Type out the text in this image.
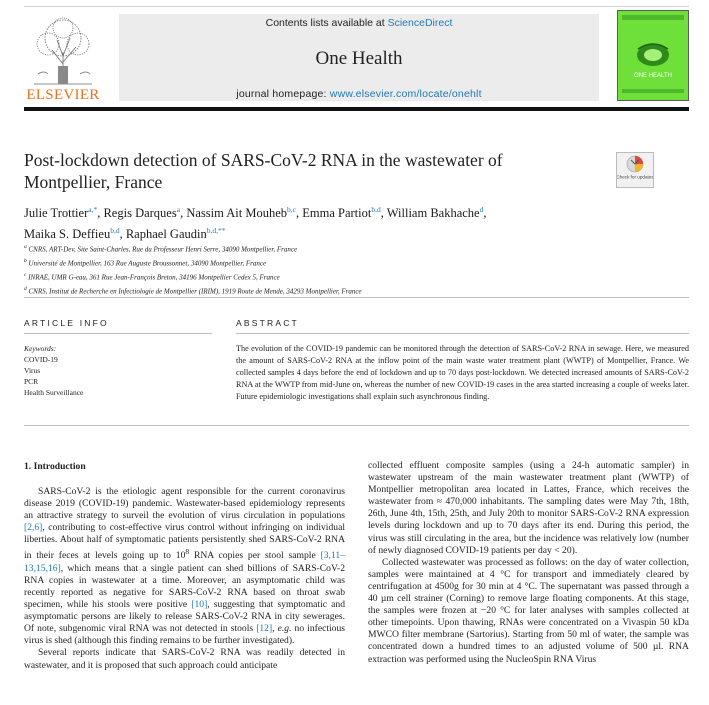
ELSEVIER
Contents lists available at ScienceDirect
One Health
journal homepage: www.elsevier.com/locate/onehlt
ONE HEALTH
Post-lockdown detection of SARS-CoV-2 RNA in the wastewater of Montpellier, France	Check for updates
Julie Trottier$^{a,*}$, Regis Darques$^a$, Nassim Ait Mouheb$^{b,c}$, Emma Partiot$^{b,d}$, William Bakhache$^d$,
Maika S. Deffieu$^{b,d}$, Raphael Gaudin$^{b,d,**}$
$^a$ CNRS, ART-Dev, Site Saint-Charles, Rue du Professeur Henri Serre, 34090 Montpellier, France
$^b$ Université de Montpellier, 163 Rue Auguste Broussonnet, 34090 Montpellier, France
$^c$ INRAE, UMR G-eau, 361 Rue Jean-François Breton, 34196 Montpellier Cedex 5, France
$^d$ CNRS, Institut de Recherche en Infectiologie de Montpellier (IRIM), 1919 Route de Mende, 34293 Montpellier, France
ARTICLE INFO	ABSTRACT
Keywords:
COVID-19
Virus
PCR
Health Surveillance
The evolution of the COVID-19 pandemic can be monitored through the detection of SARS-CoV-2 RNA in sewage. Here, we measured the amount of SARS-CoV-2 RNA at the inflow point of the main waste water treatment plant (WWTP) of Montpellier, France. We collected samples 4 days before the end of lockdown and up to 70 days post-lockdown. We detected increased amounts of SARS-CoV-2 RNA at the WWTP from mid-June on, whereas the number of new COVID-19 cases in the area started increasing a couple of weeks later. Future epidemiologic investigations shall explain such asynchronous finding.
1. Introduction

SARS-CoV-2 is the etiologic agent responsible for the current coronavirus disease 2019 (COVID-19) pandemic. Wastewater-based epidemiology represents an attractive strategy to surveil the evolution of virus circulation in populations [2,6], contributing to cost-effective virus control without infringing on individual liberties. About half of symptomatic patients persistently shed SARS-CoV-2 RNA in their feces at levels going up to $10^8$ RNA copies per stool sample [3,11–13,15,16], which means that a single patient can shed billions of SARS-CoV-2 RNA copies in wastewater at a time. Moreover, an asymptomatic child was recently reported as negative for SARS-CoV-2 RNA based on throat swab specimen, while his stools were positive [10], suggesting that symptomatic and asymptomatic persons are likely to release SARS-CoV-2 RNA in city sewerages. Of note, subgenomic viral RNA was not detected in stools [12], e.g. no infectious virus is shed (although this finding remains to be further investigated).

Several reports indicate that SARS-CoV-2 RNA was readily detected in wastewater, and it is proposed that such approach could anticipate

collected effluent composite samples (using a 24-h automatic sampler) in wastewater upstream of the main wastewater treatment plant (WWTP) of Montpellier metropolitan area located in Lattes, France, which receives the wastewater from ≈ 470,000 inhabitants. The sampling dates were May 7th, 18th, 26th, June 4th, 15th, 25th, and July 20th to monitor SARS-CoV-2 RNA expression levels during lockdown and up to 70 days after its end. During this period, the virus was still circulating in the area, but the incidence was relatively low (number of newly diagnosed COVID-19 patients per day < 20).

Collected wastewater was processed as follows: on the day of water collection, samples were maintained at 4 °C for transport and immediately cleared by centrifugation at 4500g for 30 min at 4 °C. The supernatant was passed through a 40 µm cell strainer (Corning) to remove large floating components. At this stage, the samples were frozen at −20 °C for later analyses with samples collected at other timepoints. Upon thawing, RNAs were concentrated on a Vivaspin 50 kDa MWCO filter membrane (Sartorius). Starting from 50 ml of water, the sample was concentrated down a hundred times to an adjusted volume of 500 µl. RNA extraction was performed using the NucleoSpin RNA Virus
